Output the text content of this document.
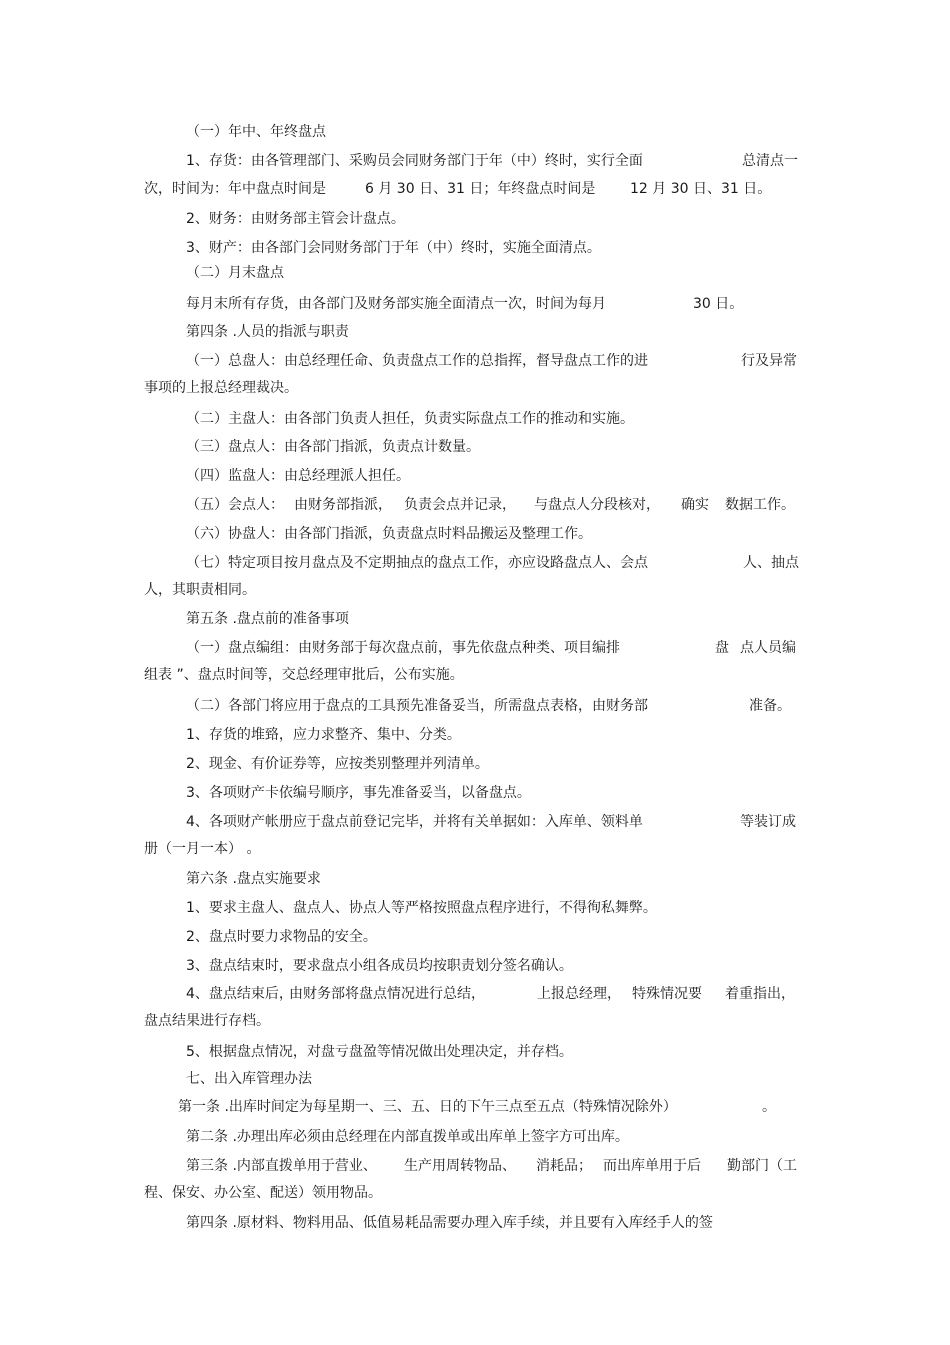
（一）年中、年终盘点
1、存货：由各管理部门、采购员会同财务部门于年（中）终时，实行全面	总清点一
次，时间为：年中盘点时间是	6 月 30 日、31 日；年终盘点时间是 12 月 30 日、31 日。
2、财务：由财务部主管会计盘点。
3、财产：由各部门会同财务部门于年（中）终时，实施全面清点。
（二）月末盘点
每月末所有存货，由各部门及财务部实施全面清点一次，时间为每月	30 日。
第四条 .人员的指派与职责
（一）总盘人：由总经理任命、负责盘点工作的总指挥，督导盘点工作的进	行及异常
事项的上报总经理裁决。
（二）主盘人：由各部门负责人担任，负责实际盘点工作的推动和实施。
（三）盘点人：由各部门指派，负责点计数量。
（四）监盘人：由总经理派人担任。
（五） 会点人： 由财务部指派， 负责会点并记录， 与盘点人分段核对， 确实 数据工作。
（六）协盘人：由各部门指派，负责盘点时料品搬运及整理工作。
（七）特定项目按月盘点及不定期抽点的盘点工作，亦应设路盘点人、会点	人、抽点
人，其职责相同。
第五条 .盘点前的准备事项
（一）盘点编组：由财务部于每次盘点前，事先依盘点种类、项目编排	盘 点人员编
组表 ”、盘点时间等，交总经理审批后，公布实施。
（二）各部门将应用于盘点的工具预先准备妥当，所需盘点表格，由财务部	准备。
1、存货的堆臵，应力求整齐、集中、分类。
2、现金、有价证券等，应按类别整理并列清单。
3、各项财产卡依编号顺序，事先准备妥当，以备盘点。
4、各项财产帐册应于盘点前登记完毕，并将有关单据如：入库单、领料单	等装订成
册（一月一本） 。
第六条 .盘点实施要求
1、要求主盘人、盘点人、协点人等严格按照盘点程序进行，不得徇私舞弊。
2、盘点时要力求物品的安全。
3、盘点结束时，要求盘点小组各成员均按职责划分签名确认。
4、盘点结束后，
由财务部将盘点情况进行总结，	上报总经理， 特殊情况要 着重指出，
盘点结果进行存档。
5、根据盘点情况，对盘亏盘盈等情况做出处理决定，并存档。
七、出入库管理办法
第一条 .出库时间定为每星期一、三、五、日的下午三点至五点（特殊情况除外）	。
第二条 .办理出库必须由总经理在内部直拨单或出库单上签字方可出库。
第三条 .内部直拨单用于营业、 生产用周转物品、 消耗品； 而出库单用于后 勤部门（工
程、保安、办公室、配送）领用物品。
第四条 .原材料、物料用品、低值易耗品需要办理入库手续，并且要有入库经手人的签
